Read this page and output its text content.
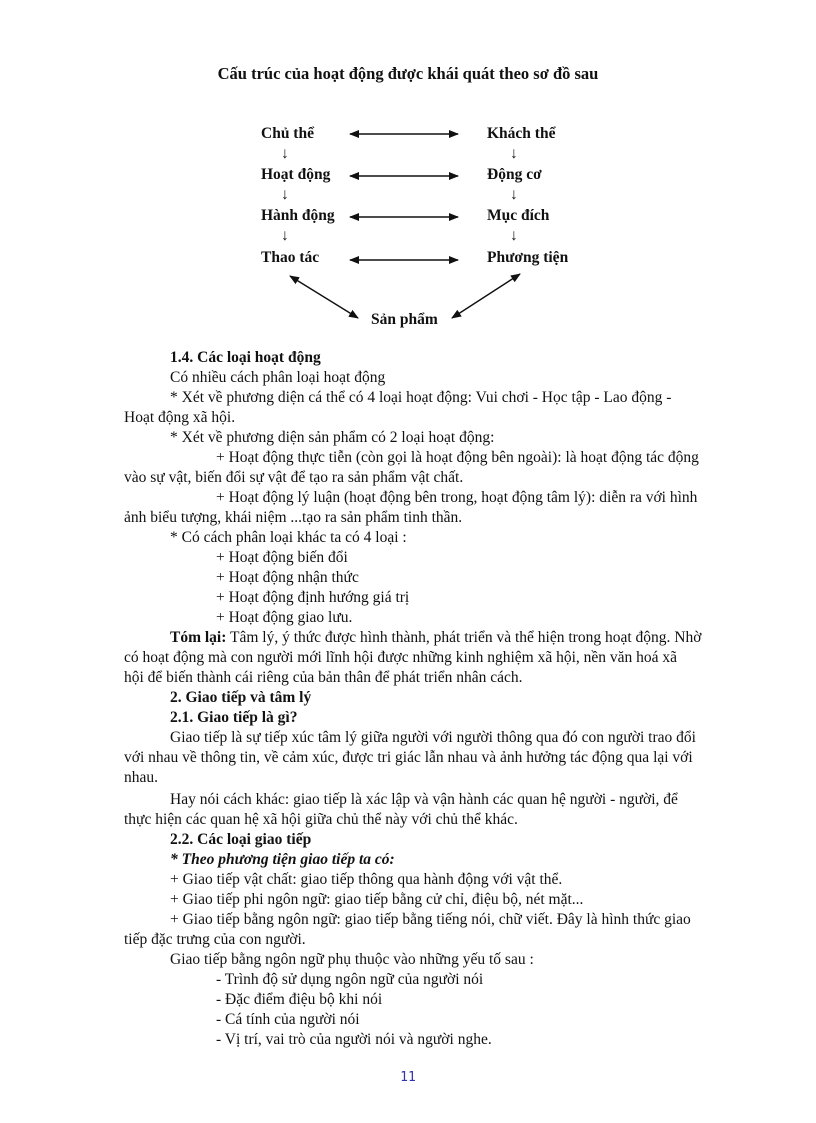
Cấu trúc của hoạt động được khái quát theo sơ đồ sau
Chủ thể
↓
Hoạt động
↓
Hành động
↓
Thao tác
Khách thể
↓
Động cơ
↓
Mục đích
↓
Phương tiện
Sản phẩm
1.4. Các loại hoạt động
Có nhiều cách phân loại hoạt động
* Xét về phương diện cá thể có 4 loại hoạt động: Vui chơi - Học tập - Lao động -
Hoạt động xã hội.
* Xét về phương diện sản phẩm có 2 loại hoạt động:
+ Hoạt động thực tiễn (còn gọi là hoạt động bên ngoài): là hoạt động tác động
vào sự vật, biến đổi sự vật để tạo ra sản phẩm vật chất.
+ Hoạt động lý luận (hoạt động bên trong, hoạt động tâm lý): diễn ra với hình
ảnh biểu tượng, khái niệm ...tạo ra sản phẩm tinh thần.
* Có cách phân loại khác ta có 4 loại :
+ Hoạt động biến đổi
+ Hoạt động nhận thức
+ Hoạt động định hướng giá trị
+ Hoạt động giao lưu.
Tóm lại: Tâm lý, ý thức được hình thành, phát triển và thể hiện trong hoạt động. Nhờ
có hoạt động mà con người mới lĩnh hội được những kinh nghiệm xã hội, nền văn hoá xã
hội để biến thành cái riêng của bản thân để phát triển nhân cách.
2. Giao tiếp và tâm lý
2.1. Giao tiếp là gì?
Giao tiếp là sự tiếp xúc tâm lý giữa người với người thông qua đó con người trao đổi
với nhau về thông tin, về cảm xúc, được tri giác lẫn nhau và ảnh hưởng tác động qua lại với
nhau.
Hay nói cách khác: giao tiếp là xác lập và vận hành các quan hệ người - người, để
thực hiện các quan hệ xã hội giữa chủ thể này với chủ thể khác.
2.2. Các loại giao tiếp
* Theo phương tiện giao tiếp ta có:
+ Giao tiếp vật chất: giao tiếp thông qua hành động với vật thể.
+ Giao tiếp phi ngôn ngữ: giao tiếp bằng cử chỉ, điệu bộ, nét mặt...
+ Giao tiếp bằng ngôn ngữ: giao tiếp bằng tiếng nói, chữ viết. Đây là hình thức giao
tiếp đặc trưng của con người.
Giao tiếp bằng ngôn ngữ phụ thuộc vào những yếu tố sau :
- Trình độ sử dụng ngôn ngữ của người nói
- Đặc điểm điệu bộ khi nói
- Cá tính của người nói
- Vị trí, vai trò của người nói và người nghe.
11
